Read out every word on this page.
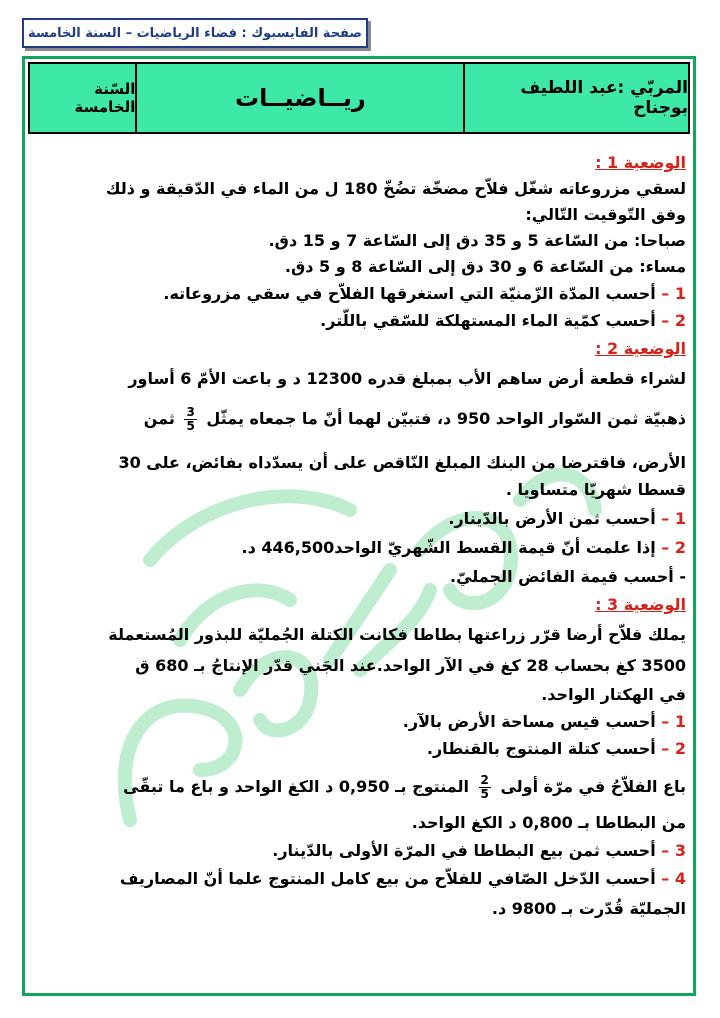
صفحة الفايسبوك : فضاء الرياضيات – السنة الخامسة
المربّي :عبد اللطيف بوجناح
ريــاضيــات
السّنة الخامسة
الوضعية 1 :
لسقي مزروعاته شغّل فلاّح مضخّة تضُخّ 180 ل من الماء في الدّقيقة و ذلك
وفق التّوقيت التّالي:
صباحا: من السّاعة 5 و 35 دق إلى السّاعة 7 و 15 دق.
مساء: من السّاعة 6 و 30 دق إلى السّاعة 8 و 5 دق.
1 – أحسب المدّة الزّمنيّة التي استغرقها الفلاّح في سقي مزروعاته.
2 – أحسب كمّية الماء المستهلكة للسّقي باللّتر.
الوضعية 2 :
لشراء قطعة أرض ساهم الأب بمبلغ قدره 12300 د و باعت الأمّ 6 أساور
ذهبيّة ثمن السّوار الواحد 950 د، فتبيّن لهما أنّ ما جمعاه يمثّل
$\frac{3}{5}$
ثمن
الأرض، فاقترضا من البنك المبلغ النّاقص على أن يسدّداه بفائض، على 30
قسطا شهريّا متساويا .
1 – أحسب ثمن الأرض بالدّينار.
2 – إذا علمت أنّ قيمة القسط الشّهريّ الواحد446,500 د.
- أحسب قيمة الفائض الجمليّ.
الوضعية 3 :
يملك فلاّح أرضا قرّر زراعتها بطاطا فكانت الكتلة الجُمليّة للبذور المُستعملة
3500 كغ بحساب 28 كغ في الآر الواحد.عند الجَني قدّر الإنتاجُ بـ 680 ق
في الهكتار الواحد.
1 – أحسب قيس مساحة الأرض بالآر.
2 – أحسب كتلة المنتوج بالقنطار.
باع الفلاّحُ في مرّة أولى
$\frac{2}{5}$
المنتوج بـ 0,950 د الكغ الواحد و باع ما تبقّى
من البطاطا بـ 0,800 د الكغ الواحد.
3 – أحسب ثمن بيع البطاطا في المرّة الأولى بالدّينار.
4 – أحسب الدّخل الصّافي للفلاّح من بيع كامل المنتوج علما أنّ المصاريف
الجمليّة قُدّرت بـ 9800 د.
